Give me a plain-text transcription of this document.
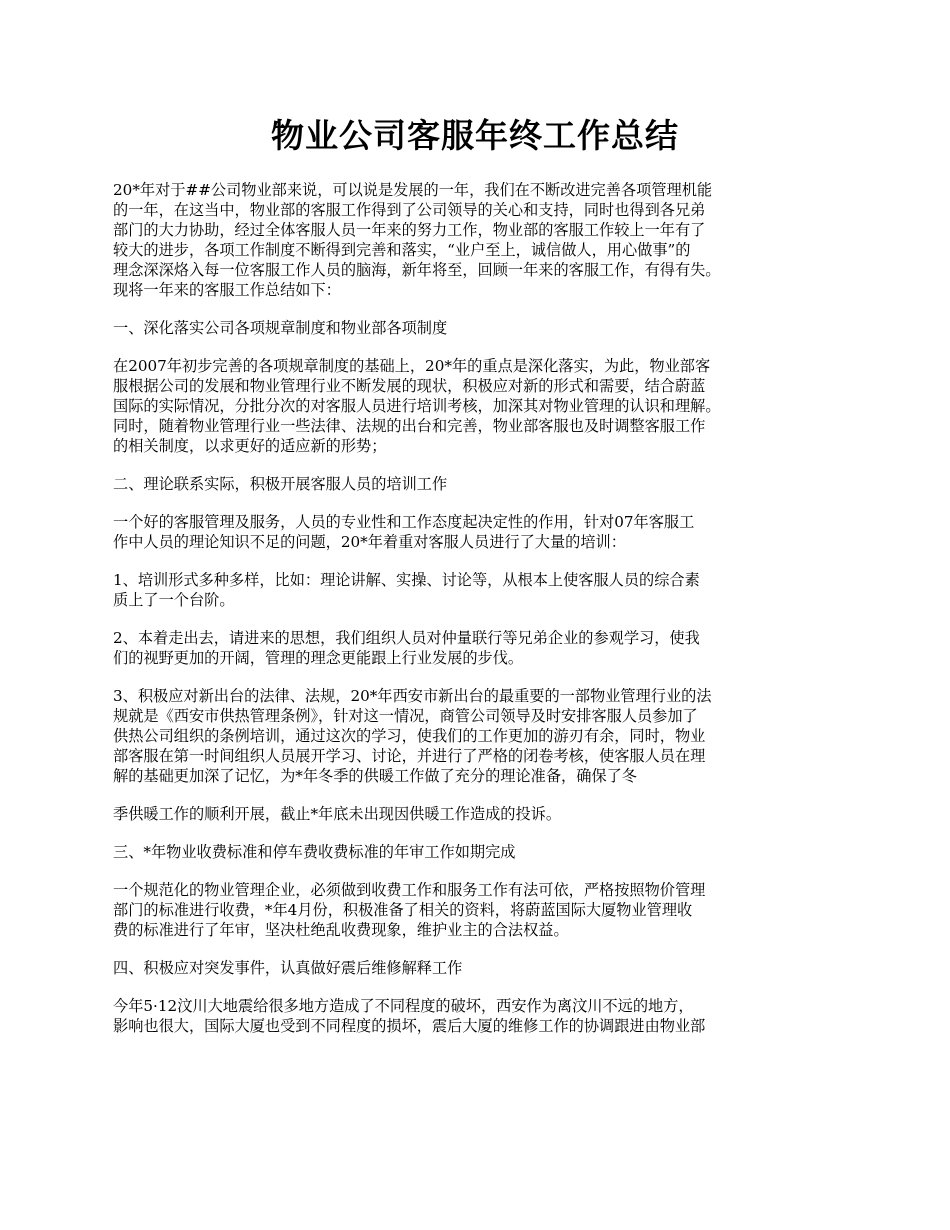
物业公司客服年终工作总结

20*年对于##公司物业部来说，可以说是发展的一年，我们在不断改进完善各项管理机能
的一年，在这当中，物业部的客服工作得到了公司领导的关心和支持，同时也得到各兄弟
部门的大力协助，经过全体客服人员一年来的努力工作，物业部的客服工作较上一年有了
较大的进步，各项工作制度不断得到完善和落实，“业户至上，诚信做人，用心做事”的
理念深深烙入每一位客服工作人员的脑海，新年将至，回顾一年来的客服工作，有得有失。
现将一年来的客服工作总结如下：

一、深化落实公司各项规章制度和物业部各项制度

在2007年初步完善的各项规章制度的基础上，20*年的重点是深化落实，为此，物业部客
服根据公司的发展和物业管理行业不断发展的现状，积极应对新的形式和需要，结合蔚蓝
国际的实际情况，分批分次的对客服人员进行培训考核，加深其对物业管理的认识和理解。
同时，随着物业管理行业一些法律、法规的出台和完善，物业部客服也及时调整客服工作
的相关制度，以求更好的适应新的形势；

二、理论联系实际，积极开展客服人员的培训工作

一个好的客服管理及服务，人员的专业性和工作态度起决定性的作用，针对07年客服工
作中人员的理论知识不足的问题，20*年着重对客服人员进行了大量的培训：

1、培训形式多种多样，比如：理论讲解、实操、讨论等，从根本上使客服人员的综合素
质上了一个台阶。

2、本着走出去，请进来的思想，我们组织人员对仲量联行等兄弟企业的参观学习，使我
们的视野更加的开阔，管理的理念更能跟上行业发展的步伐。

3、积极应对新出台的法律、法规，20*年西安市新出台的最重要的一部物业管理行业的法
规就是《西安市供热管理条例》，针对这一情况，商管公司领导及时安排客服人员参加了
供热公司组织的条例培训，通过这次的学习，使我们的工作更加的游刃有余，同时，物业
部客服在第一时间组织人员展开学习、讨论，并进行了严格的闭卷考核，使客服人员在理
解的基础更加深了记忆，为*年冬季的供暖工作做了充分的理论准备，确保了冬

季供暖工作的顺利开展，截止*年底未出现因供暖工作造成的投诉。

三、*年物业收费标准和停车费收费标准的年审工作如期完成

一个规范化的物业管理企业，必须做到收费工作和服务工作有法可依，严格按照物价管理
部门的标准进行收费，*年4月份，积极准备了相关的资料，将蔚蓝国际大厦物业管理收
费的标准进行了年审，坚决杜绝乱收费现象，维护业主的合法权益。

四、积极应对突发事件，认真做好震后维修解释工作

今年5·12汶川大地震给很多地方造成了不同程度的破坏，西安作为离汶川不远的地方，
影响也很大，国际大厦也受到不同程度的损坏，震后大厦的维修工作的协调跟进由物业部
